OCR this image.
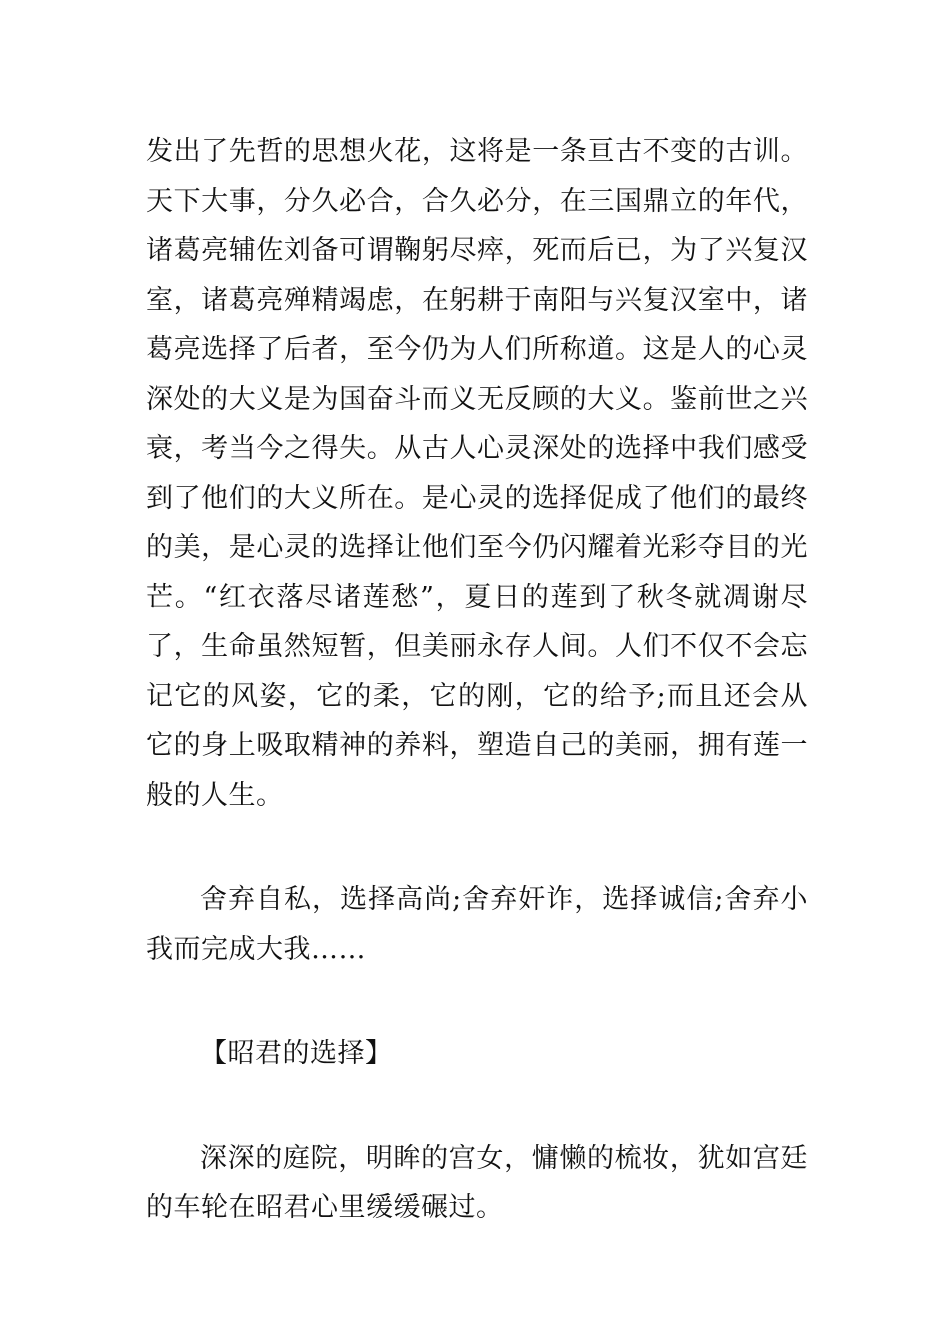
发出了先哲的思想火花，这将是一条亘古不变的古训。天下大事，分久必合，合久必分，在三国鼎立的年代，诸葛亮辅佐刘备可谓鞠躬尽瘁，死而后已，为了兴复汉室，诸葛亮殚精竭虑，在躬耕于南阳与兴复汉室中，诸葛亮选择了后者，至今仍为人们所称道。这是人的心灵深处的大义是为国奋斗而义无反顾的大义。鉴前世之兴衰，考当今之得失。从古人心灵深处的选择中我们感受到了他们的大义所在。是心灵的选择促成了他们的最终的美，是心灵的选择让他们至今仍闪耀着光彩夺目的光芒。“红衣落尽诸莲愁”，夏日的莲到了秋冬就凋谢尽了，生命虽然短暂，但美丽永存人间。人们不仅不会忘记它的风姿，它的柔，它的刚，它的给予;而且还会从它的身上吸取精神的养料，塑造自己的美丽，拥有莲一般的人生。

舍弃自私，选择高尚;舍弃奸诈，选择诚信;舍弃小我而完成大我……

【昭君的选择】

深深的庭院，明眸的宫女，慵懒的梳妆，犹如宫廷的车轮在昭君心里缓缓碾过。
